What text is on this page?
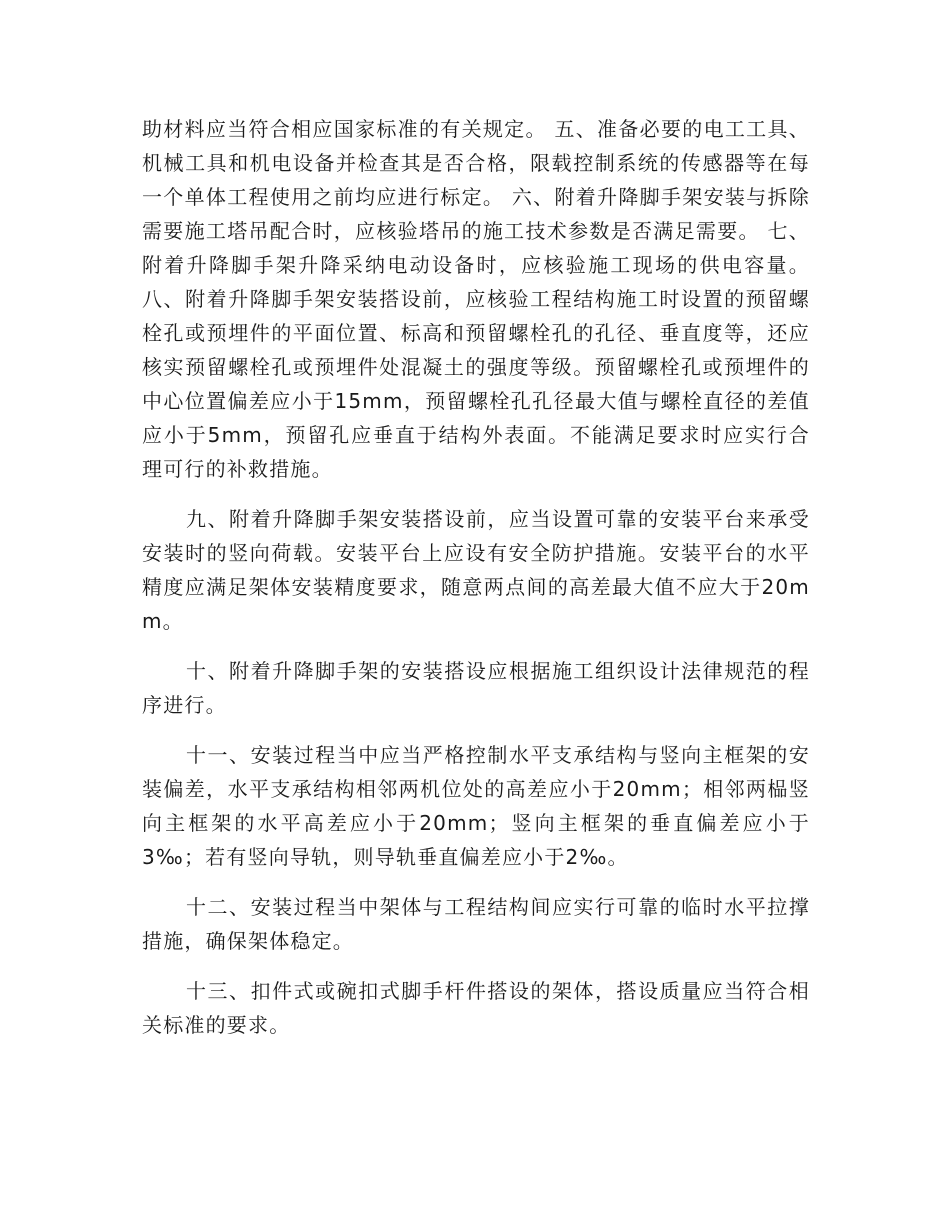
助材料应当符合相应国家标准的有关规定。 五、准备必要的电工工具、机械工具和机电设备并检查其是否合格，限载控制系统的传感器等在每一个单体工程使用之前均应进行标定。 六、附着升降脚手架安装与拆除需要施工塔吊配合时，应核验塔吊的施工技术参数是否满足需要。 七、附着升降脚手架升降采纳电动设备时，应核验施工现场的供电容量。 八、附着升降脚手架安装搭设前，应核验工程结构施工时设置的预留螺栓孔或预埋件的平面位置、标高和预留螺栓孔的孔径、垂直度等，还应核实预留螺栓孔或预埋件处混凝土的强度等级。预留螺栓孔或预埋件的中心位置偏差应小于15mm，预留螺栓孔孔径最大值与螺栓直径的差值应小于5mm，预留孔应垂直于结构外表面。不能满足要求时应实行合理可行的补救措施。

九、附着升降脚手架安装搭设前，应当设置可靠的安装平台来承受安装时的竖向荷载。安装平台上应设有安全防护措施。安装平台的水平精度应满足架体安装精度要求，随意两点间的高差最大值不应大于20mm。

十、附着升降脚手架的安装搭设应根据施工组织设计法律规范的程序进行。

十一、安装过程当中应当严格控制水平支承结构与竖向主框架的安装偏差，水平支承结构相邻两机位处的高差应小于20mm；相邻两榀竖向主框架的水平高差应小于20mm；竖向主框架的垂直偏差应小于3‰；若有竖向导轨，则导轨垂直偏差应小于2‰。

十二、安装过程当中架体与工程结构间应实行可靠的临时水平拉撑措施，确保架体稳定。

十三、扣件式或碗扣式脚手杆件搭设的架体，搭设质量应当符合相关标准的要求。
